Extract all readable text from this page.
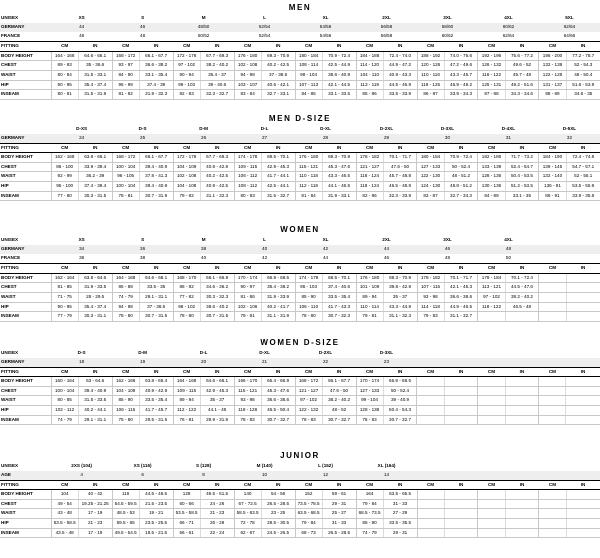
MEN
UNISEX	XS		S		M		L		XL		2XL		3XL		4XL		5XL	
GERMANY	44		46		48/50		52/54		54/56		56/58		58/60		60/62		62/64	
FRANCE	46		48		50/52		52/54		54/56		56/58		60/62		62/64		64/66	
FITTING	CM	IN	CM	IN	CM	IN	CM	IN	CM	IN	CM	IN	CM	IN	CM	IN	CM	IN
BODY HEIGHT	164 - 168	64.6 - 66.1	168 - 172	66.1 - 67.7	172 - 176	67.7 - 69.3	176 - 180	69.3 - 70.9	180 - 184	70.9 - 72.4	184 - 188	72.4 - 74.0	188 - 192	74.0 - 75.6	192 - 196	75.6 - 77.2	196 - 200	77.2 - 78.7
CHEST	89 - 93	35 - 36.6	93 - 97	36.6 - 38.2	97 - 102	38.2 - 40.2	102 - 108	40.2 - 42.5	108 - 114	42.5 - 44.9	114 - 120	44.9 - 47.2	120 - 126	47.2 - 49.6	126 - 132	49.6 - 52	132 - 138	52 - 54.3
WAIST	80 - 84	31.5 - 33.1	84 - 90	33.1 - 35.4	90 - 94	35.4 - 37	94 - 98	37 - 38.6	98 - 104	38.6 - 40.9	104 - 110	40.9 - 43.3	110 - 116	43.3 - 45.7	116 - 122	45.7 - 48	122 - 128	48 - 50.4
HIP	90 - 95	35.4 - 37.4	95 - 99	37.4 - 39	99 - 103	39 - 40.6	103 - 107	40.6 - 42.1	107 - 113	42.1 - 44.5	113 - 119	44.5 - 46.9	119 - 125	46.9 - 49.2	125 - 131	49.2 - 51.6	131 - 137	51.6 - 53.9
INSEAM	80 - 81	31.5 - 31.9	81 - 82	31.9 - 32.3	82 - 83	32.3 - 32.7	83 - 84	32.7 - 33.1	84 - 85	33.1 - 33.5	85 - 86	33.5 - 33.9	86 - 87	33.9 - 34.3	87 - 88	34.3 - 34.6	88 - 89	34.6 - 35
MEN D-SIZE
	D-XS		D-S		D-M		D-L		D-XL		D-2XL		D-3XL		D-4XL		D-5XL	
GERMANY	24		25		26		27		28		29		30		31		32	
FITTING	CM	IN	CM	IN	CM	IN	CM	IN	CM	IN	CM	IN	CM	IN	CM	IN	CM	IN
BODY HEIGHT	162 - 168	63.8 - 66.1	168 - 172	66.1 - 67.7	172 - 176	67.7 - 69.3	174 - 178	68.5 - 70.1	176 - 180	69.3 - 70.9	178 - 182	70.1 - 71.7	180 - 184	70.9 - 72.4	182 - 186	71.7 - 73.2	184 - 190	72.4 - 74.8
CHEST	86 - 100	33.9 - 39.4	100 - 104	39.4 - 40.9	104 - 109	40.9 - 42.9	109 - 115	42.9 - 45.3	115 - 121	45.3 - 47.6	121 - 127	47.6 - 50	127 - 133	50 - 52.4	133 - 139	52.4 - 54.7	139 - 145	54.7 - 57.1
WAIST	92 - 99	36.2 - 39	96 - 105	37.8 - 41.3	102 - 108	40.2 - 42.5	106 - 112	41.7 - 44.1	110 - 118	43.3 - 46.5	116 - 124	45.7 - 48.8	122 - 130	48 - 51.2	128 - 136	50.4 - 53.5	132 - 140	52 - 55.1
HIP	95 - 100	37.4 - 39.4	100 - 104	39.4 - 40.9	104 - 108	40.9 - 42.5	108 - 112	42.5 - 44.1	112 - 118	44.1 - 46.5	118 - 124	46.5 - 48.8	124 - 130	48.8 - 51.2	130 - 136	51.2 - 53.5	136 - 91	53.5 - 55.9
INSEAM	77 - 80	30.3 - 31.5	78 - 81	30.7 - 31.9	79 - 82	31.1 - 32.3	80 - 83	31.5 - 32.7	81 - 84	31.9 - 33.1	82 - 86	32.3 - 33.9	83 - 87	32.7 - 34.3	84 - 89	33.1 - 35	86 - 91	33.9 - 35.8
WOMEN
UNISEX	XS		S		M		L		XL		2XL		3XL		4XL			
GERMANY	34		36		38		40		42		44		46		48			
FRANCE	36		38		40		42		44		46		48		50			
FITTING	CM	IN	CM	IN	CM	IN	CM	IN	CM	IN	CM	IN	CM	IN	CM	IN	CM	IN
BODY HEIGHT	162 - 164	63.8 - 64.6	164 - 168	64.6 - 66.1	168 - 170	66.1 - 66.9	170 - 174	66.9 - 68.5	174 - 178	68.5 - 70.1	176 - 180	69.3 - 70.9	178 - 182	70.1 - 71.7	178 - 184	70.1 - 72.4		
CHEST	81 - 85	31.9 - 33.5	85 - 89	33.5 - 35	88 - 92	34.6 - 36.2	90 - 97	35.4 - 38.2	95 - 103	37.4 - 40.6	101 - 109	39.8 - 42.9	107 - 115	42.1 - 45.3	113 - 121	44.5 - 47.6		
WAIST	71 - 75	28 - 29.5	74 - 79	29.1 - 31.1	77 - 82	30.3 - 32.3	81 - 86	31.9 - 33.9	85 - 90	33.5 - 35.4	89 - 94	35 - 37	93 - 98	36.6 - 38.6	97 - 102	38.2 - 40.2		
HIP	90 - 95	35.4 - 37.4	94 - 98	37 - 38.6	98 - 102	38.6 - 40.2	102 - 106	40.2 - 41.7	106 - 110	41.7 - 43.3	110 - 114	43.3 - 44.9	114 - 118	44.9 - 46.5	118 - 122	46.5 - 48		
INSEAM	77 - 79	30.3 - 31.1	78 - 80	30.7 - 31.5	78 - 80	30.7 - 31.5	79 - 81	31.1 - 31.9	78 - 80	30.7 - 32.3	79 - 81	31.1 - 32.3	79 - 83	31.1 - 32.7				
WOMEN D-SIZE
UNISEX	D-S		D-M		D-L		D-XL		D-2XL		D-3XL							
GERMANY	18		19		20		21		22		23							
FITTING	CM	IN	CM	IN	CM	IN	CM	IN	CM	IN	CM	IN	CM	IN	CM	IN	CM	IN
BODY HEIGHT	160 - 164	63 - 64.6	162 - 166	63.8 - 65.4	164 - 168	64.6 - 66.1	166 - 170	65.4 - 66.9	168 - 172	66.1 - 67.7	170 - 174	66.9 - 68.5						
CHEST	100 - 104	39.4 - 40.9	104 - 109	40.9 - 42.9	109 - 115	42.9 - 45.3	115 - 121	45.3 - 47.6	121 - 127	47.6 - 50	127 - 133	50 - 52.4						
WAIST	80 - 85	31.5 - 33.5	85 - 90	33.5 - 35.4	89 - 94	35 - 37	93 - 98	36.6 - 38.6	97 - 102	38.2 - 40.2	99 - 104	39 - 40.9						
HIP	102 - 112	40.2 - 44.1	106 - 116	41.7 - 45.7	112 - 122	44.1 - 48	118 - 128	46.5 - 50.4	122 - 132	48 - 52	128 - 138	50.4 - 54.3						
INSEAM	74 - 79	29.1 - 31.1	75 - 80	29.5 - 31.5	76 - 81	29.9 - 31.9	78 - 83	30.7 - 32.7	78 - 83	30.7 - 32.7	78 - 83	30.7 - 32.7						
JUNIOR
UNISEX	2XS (104)		XS (116)		S (128)		M (140)		L (152)		XL (164)							
AGE	4		6		8		10		12		14							
FITTING	CM	IN	CM	IN	CM	IN	CM	IN	CM	IN	CM	IN	CM	IN	CM	IN	CM	IN
BODY HEIGHT	104	40 - 42	116	44.5 - 46.5	128	49.5 - 51.5	140	54 - 56	152	59 - 61	164	63.5 - 65.5						
CHEST	49 - 54	19.25 - 21.25	54.5 - 59.5	21.5 - 23.5	60 - 66	24 - 26	67 - 72.5	26.5 - 28.5	73.5 - 78.5	29 - 31	79 - 84	31 - 33						
WAIST	43 - 48	17 - 19	48.5 - 53	19 - 21	53.5 - 58.5	21 - 23	58.5 - 63.5	23 - 25	63.5 - 68.5	25 - 27	68.5 - 73.5	27 - 29						
HIP	53.5 - 58.5	21 - 23	59.5 - 65	23.5 - 25.5	66 - 71	26 - 28	72 - 78	28.5 - 30.5	79 - 84	31 - 33	85 - 90	33.5 - 35.5						
INSEAM	43.5 - 48	17 - 19	49.5 - 54.5	19.5 - 21.5	56 - 61	22 - 24	62 - 67	24.5 - 26.5	68 - 73	26.5 - 28.5	74 - 79	29 - 31						
